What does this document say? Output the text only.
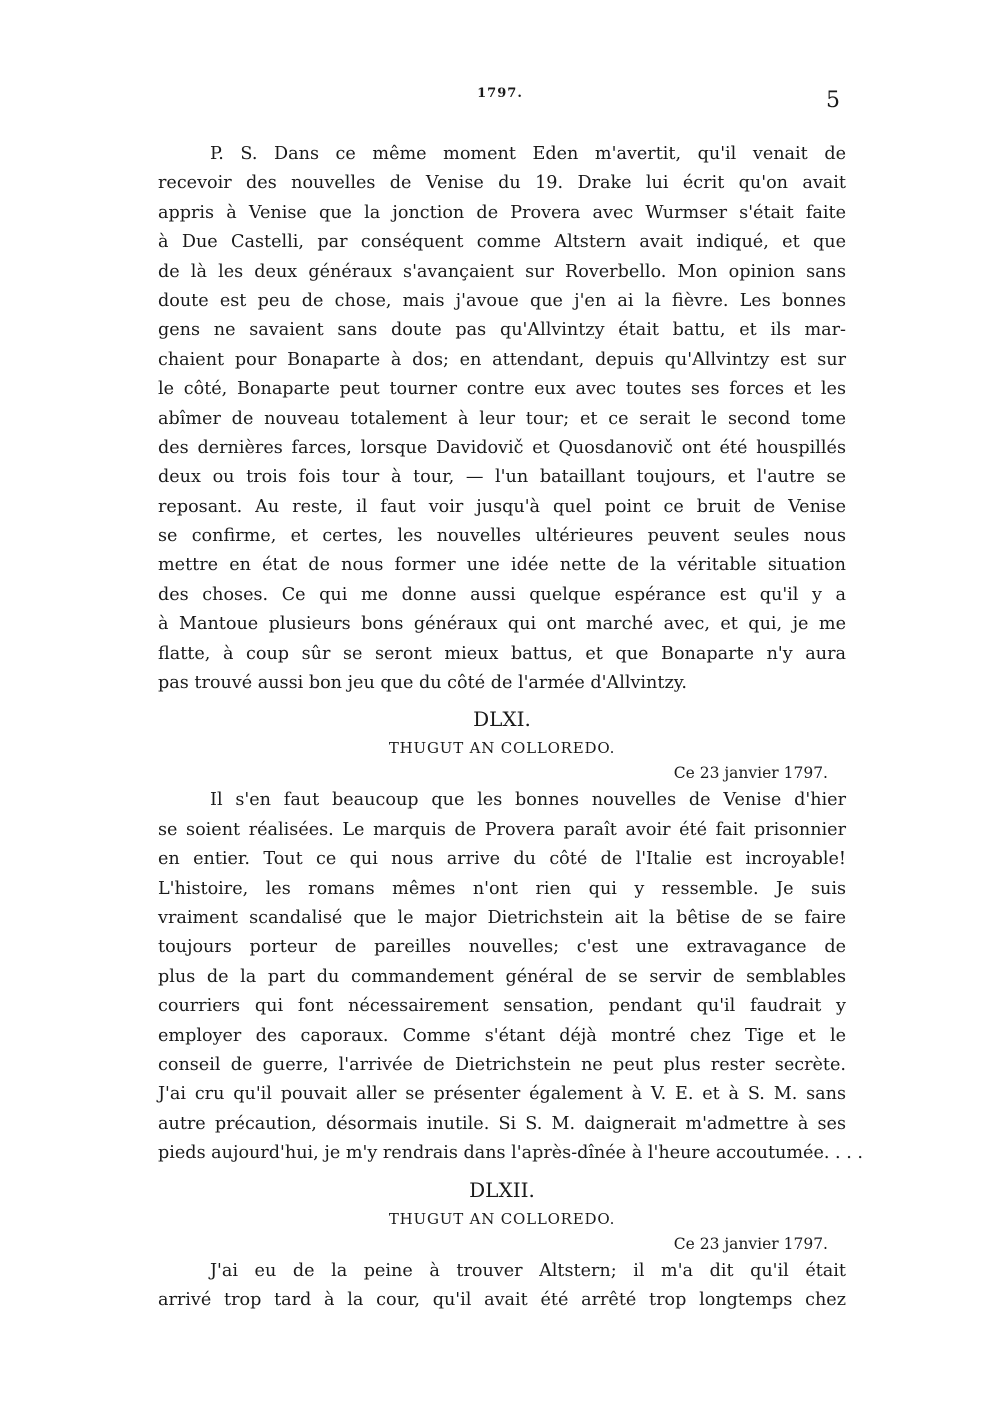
1797.	5
P. S. Dans ce même moment Eden m'avertit, qu'il venait de
recevoir des nouvelles de Venise du 19. Drake lui écrit qu'on avait
appris à Venise que la jonction de Provera avec Wurmser s'était faite
à Due Castelli, par conséquent comme Altstern avait indiqué, et que
de là les deux généraux s'avançaient sur Roverbello. Mon opinion sans
doute est peu de chose, mais j'avoue que j'en ai la fièvre. Les bonnes
gens ne savaient sans doute pas qu'Allvintzy était battu, et ils mar-
chaient pour Bonaparte à dos; en attendant, depuis qu'Allvintzy est sur
le côté, Bonaparte peut tourner contre eux avec toutes ses forces et les
abîmer de nouveau totalement à leur tour; et ce serait le second tome
des dernières farces, lorsque Davidovič et Quosdanovič ont été houspillés
deux ou trois fois tour à tour, — l'un bataillant toujours, et l'autre se
reposant. Au reste, il faut voir jusqu'à quel point ce bruit de Venise
se confirme, et certes, les nouvelles ultérieures peuvent seules nous
mettre en état de nous former une idée nette de la véritable situation
des choses. Ce qui me donne aussi quelque espérance est qu'il y a
à Mantoue plusieurs bons généraux qui ont marché avec, et qui, je me
flatte, à coup sûr se seront mieux battus, et que Bonaparte n'y aura
pas trouvé aussi bon jeu que du côté de l'armée d'Allvintzy.
DLXI.
THUGUT AN COLLOREDO.
Ce 23 janvier 1797.
Il s'en faut beaucoup que les bonnes nouvelles de Venise d'hier
se soient réalisées. Le marquis de Provera paraît avoir été fait prisonnier
en entier. Tout ce qui nous arrive du côté de l'Italie est incroyable!
L'histoire, les romans mêmes n'ont rien qui y ressemble. Je suis
vraiment scandalisé que le major Dietrichstein ait la bêtise de se faire
toujours porteur de pareilles nouvelles; c'est une extravagance de
plus de la part du commandement général de se servir de semblables
courriers qui font nécessairement sensation, pendant qu'il faudrait y
employer des caporaux. Comme s'étant déjà montré chez Tige et le
conseil de guerre, l'arrivée de Dietrichstein ne peut plus rester secrète.
J'ai cru qu'il pouvait aller se présenter également à V. E. et à S. M. sans
autre précaution, désormais inutile. Si S. M. daignerait m'admettre à ses
pieds aujourd'hui, je m'y rendrais dans l'après-dînée à l'heure accoutumée. . . .
DLXII.
THUGUT AN COLLOREDO.
Ce 23 janvier 1797.
J'ai eu de la peine à trouver Altstern; il m'a dit qu'il était
arrivé trop tard à la cour, qu'il avait été arrêté trop longtemps chez
